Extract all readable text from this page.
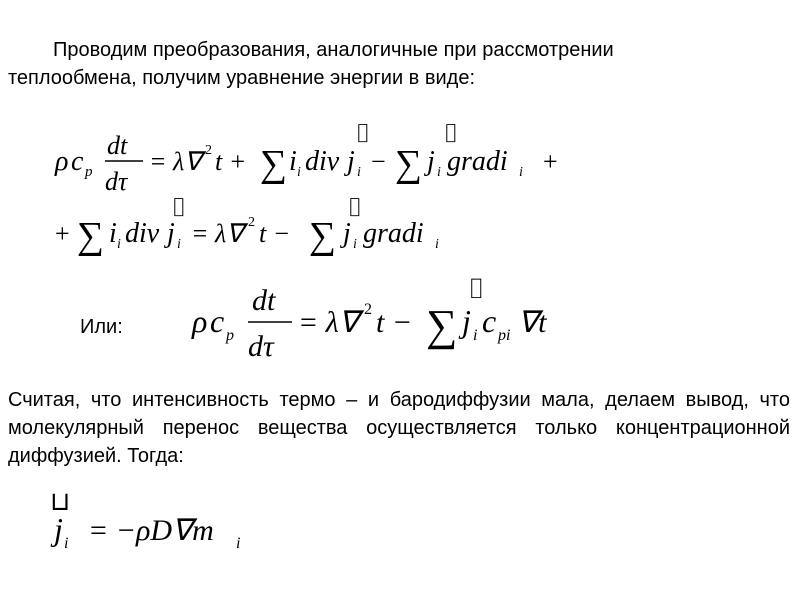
Проводим преобразования, аналогичные при рассмотрении
теплообмена, получим уравнение энергии в виде:
ρ c p
dt
dτ
= λ∇ 2 t + ∑ i i div j i
⌷
− ∑ j i
⌷
gradi i +
+ ∑ i i div j i
⌷
= λ∇ 2 t − ∑ j i
⌷
gradi i
Или: ρ c p
dt
dτ
= λ∇ 2 t − ∑ j i
⌷
c pi ∇t
Считая, что интенсивность термо – и бародиффузии мала, делаем вывод, что молекулярный перенос вещества осуществляется только концентрационной диффузией. Тогда:
j i
⊔
= −ρD∇m i
